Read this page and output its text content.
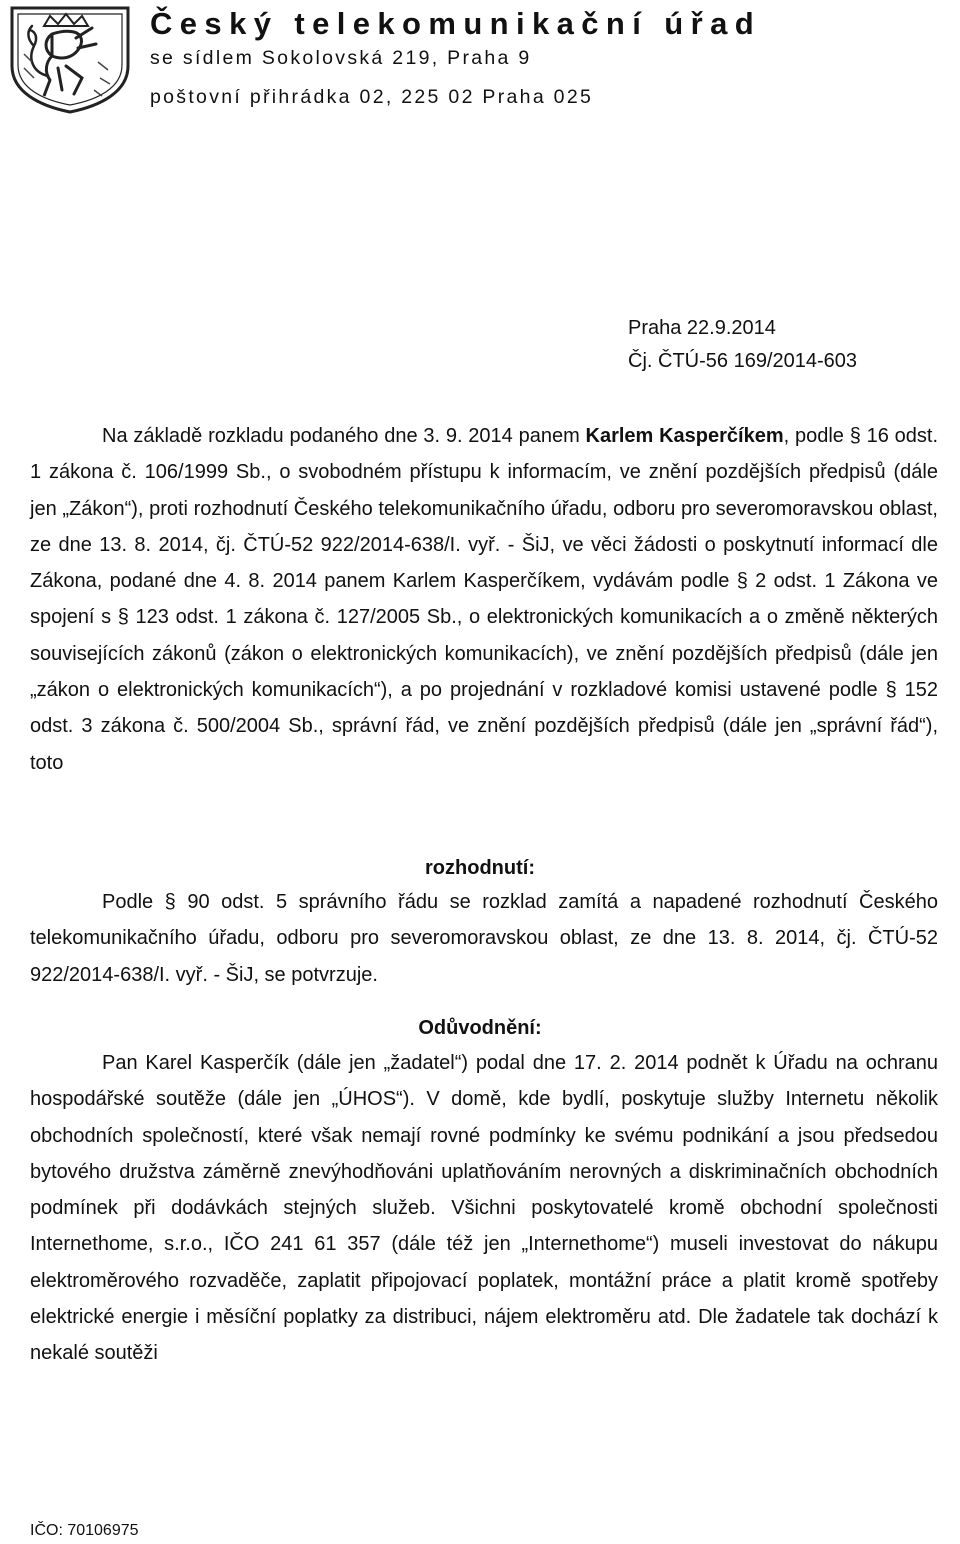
Český telekomunikační úřad
se sídlem Sokolovská 219, Praha 9
poštovní přihrádka 02, 225 02 Praha 025
Praha 22.9.2014
Čj. ČTÚ-56 169/2014-603
Na základě rozkladu podaného dne 3. 9. 2014 panem Karlem Kasperčíkem, podle § 16 odst. 1 zákona č. 106/1999 Sb., o svobodném přístupu k informacím, ve znění pozdějších předpisů (dále jen „Zákon“), proti rozhodnutí Českého telekomunikačního úřadu, odboru pro severomoravskou oblast, ze dne 13. 8. 2014, čj. ČTÚ-52 922/2014-638/I. vyř. - ŠiJ, ve věci žádosti o poskytnutí informací dle Zákona, podané dne 4. 8. 2014 panem Karlem Kasperčíkem, vydávám podle § 2 odst. 1 Zákona ve spojení s § 123 odst. 1 zákona č. 127/2005 Sb., o elektronických komunikacích a o změně některých souvisejících zákonů (zákon o elektronických komunikacích), ve znění pozdějších předpisů (dále jen „zákon o elektronických komunikacích“), a po projednání v rozkladové komisi ustavené podle § 152 odst. 3 zákona č. 500/2004 Sb., správní řád, ve znění pozdějších předpisů (dále jen „správní řád“), toto
rozhodnutí:
Podle § 90 odst. 5 správního řádu se rozklad zamítá a napadené rozhodnutí Českého telekomunikačního úřadu, odboru pro severomoravskou oblast, ze dne 13. 8. 2014, čj. ČTÚ-52 922/2014-638/I. vyř. - ŠiJ, se potvrzuje.
Odůvodnění:
Pan Karel Kasperčík (dále jen „žadatel“) podal dne 17. 2. 2014 podnět k Úřadu na ochranu hospodářské soutěže (dále jen „ÚHOS“). V domě, kde bydlí, poskytuje služby Internetu několik obchodních společností, které však nemají rovné podmínky ke svému podnikání a jsou předsedou bytového družstva záměrně znevýhodňováni uplatňováním nerovných a diskriminačních obchodních podmínek při dodávkách stejných služeb. Všichni poskytovatelé kromě obchodní společnosti Internethome, s.r.o., IČO 241 61 357 (dále též jen „Internethome“) museli investovat do nákupu elektroměrového rozvaděče, zaplatit připojovací poplatek, montážní práce a platit kromě spotřeby elektrické energie i měsíční poplatky za distribuci, nájem elektroměru atd. Dle žadatele tak dochází k nekalé soutěži
IČO: 70106975
